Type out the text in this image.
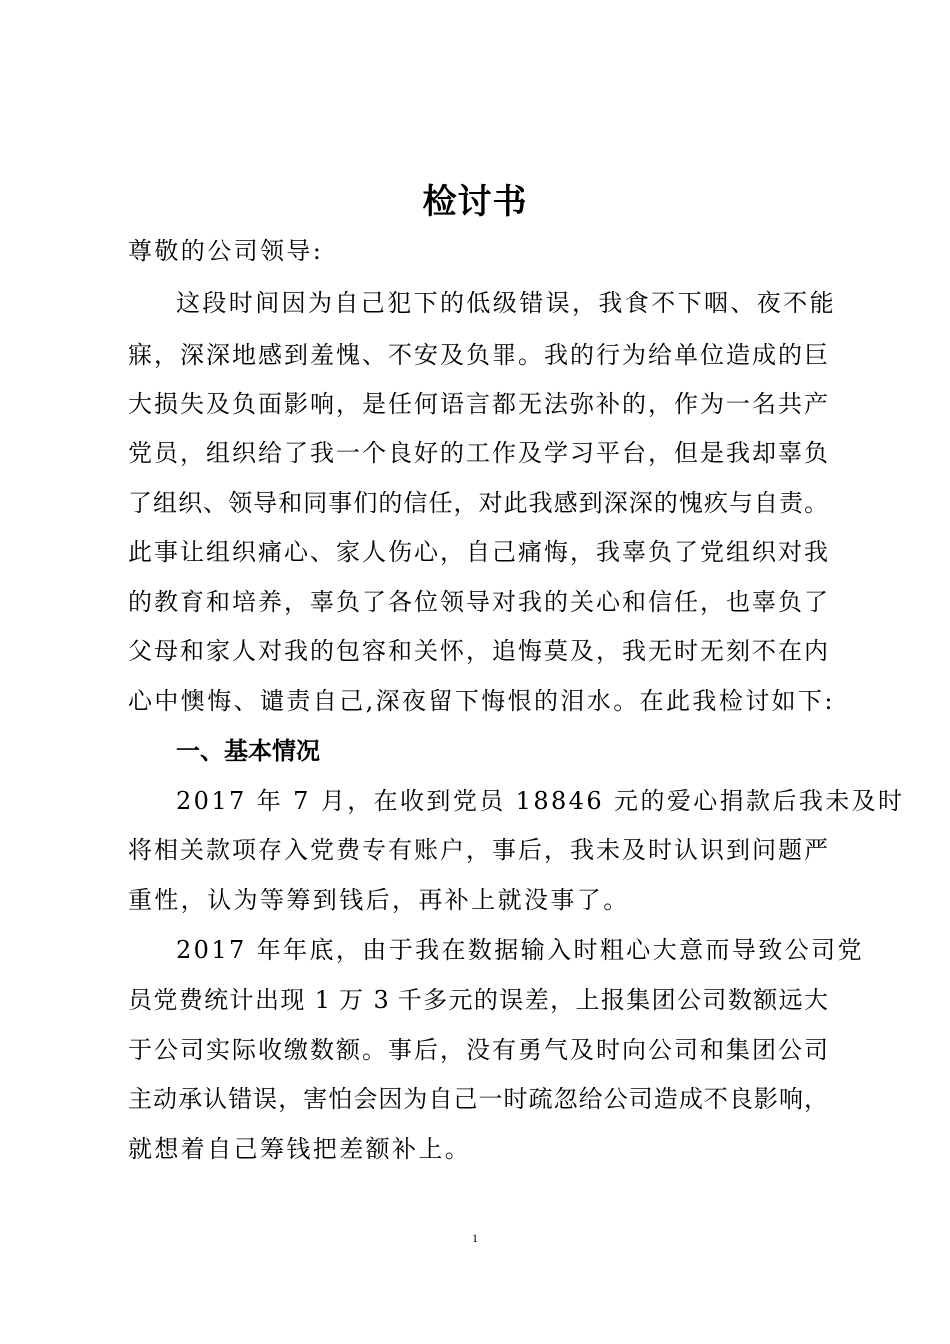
检讨书
尊敬的公司领导:
这段时间因为自己犯下的低级错误，我食不下咽、夜不能
寐，深深地感到羞愧、不安及负罪。我的行为给单位造成的巨
大损失及负面影响，是任何语言都无法弥补的，作为一名共产
党员，组织给了我一个良好的工作及学习平台，但是我却辜负
了组织、领导和同事们的信任，对此我感到深深的愧疚与自责。
此事让组织痛心、家人伤心，自己痛悔，我辜负了党组织对我
的教育和培养，辜负了各位领导对我的关心和信任，也辜负了
父母和家人对我的包容和关怀，追悔莫及，我无时无刻不在内
心中懊悔、谴责自己,深夜留下悔恨的泪水。在此我检讨如下:
一、基本情况
2017 年 7 月，在收到党员 18846 元的爱心捐款后我未及时
将相关款项存入党费专有账户，事后，我未及时认识到问题严
重性，认为等筹到钱后，再补上就没事了。
2017 年年底，由于我在数据输入时粗心大意而导致公司党
员党费统计出现 1 万 3 千多元的误差，上报集团公司数额远大
于公司实际收缴数额。事后，没有勇气及时向公司和集团公司
主动承认错误，害怕会因为自己一时疏忽给公司造成不良影响，
就想着自己筹钱把差额补上。
1
